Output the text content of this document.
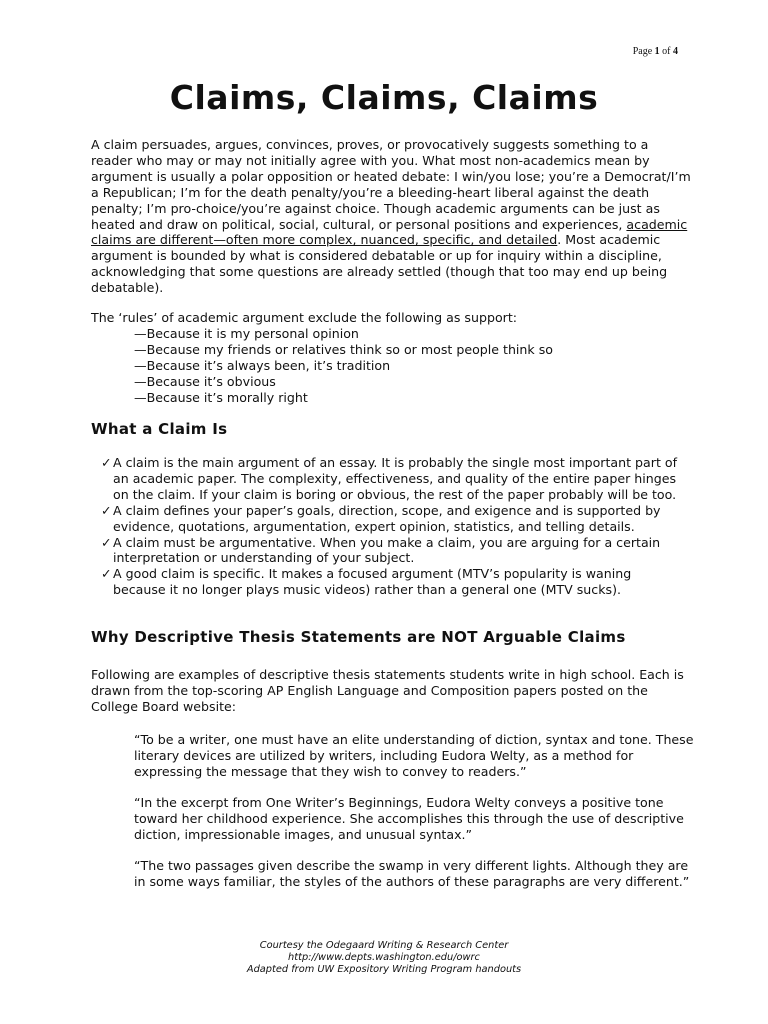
Page 1 of 4
Claims, Claims, Claims
A claim persuades, argues, convinces, proves, or provocatively suggests something to a reader who may or may not initially agree with you. What most non-academics mean by argument is usually a polar opposition or heated debate: I win/you lose; you’re a Democrat/I’m a Republican; I’m for the death penalty/you’re a bleeding-heart liberal against the death penalty; I’m pro-choice/you’re against choice. Though academic arguments can be just as heated and draw on political, social, cultural, or personal positions and experiences, academic claims are different—often more complex, nuanced, specific, and detailed. Most academic argument is bounded by what is considered debatable or up for inquiry within a discipline, acknowledging that some questions are already settled (though that too may end up being debatable).
The ‘rules’ of academic argument exclude the following as support:
—Because it is my personal opinion
—Because my friends or relatives think so or most people think so
—Because it’s always been, it’s tradition
—Because it’s obvious
—Because it’s morally right
What a Claim Is
✓ A claim is the main argument of an essay. It is probably the single most important part of an academic paper. The complexity, effectiveness, and quality of the entire paper hinges on the claim. If your claim is boring or obvious, the rest of the paper probably will be too.
✓ A claim defines your paper’s goals, direction, scope, and exigence and is supported by evidence, quotations, argumentation, expert opinion, statistics, and telling details.
✓ A claim must be argumentative. When you make a claim, you are arguing for a certain interpretation or understanding of your subject.
✓ A good claim is specific. It makes a focused argument (MTV’s popularity is waning because it no longer plays music videos) rather than a general one (MTV sucks).
Why Descriptive Thesis Statements are NOT Arguable Claims
Following are examples of descriptive thesis statements students write in high school. Each is drawn from the top-scoring AP English Language and Composition papers posted on the College Board website:
“To be a writer, one must have an elite understanding of diction, syntax and tone. These literary devices are utilized by writers, including Eudora Welty, as a method for expressing the message that they wish to convey to readers.”
“In the excerpt from One Writer’s Beginnings, Eudora Welty conveys a positive tone toward her childhood experience. She accomplishes this through the use of descriptive diction, impressionable images, and unusual syntax.”
“The two passages given describe the swamp in very different lights. Although they are in some ways familiar, the styles of the authors of these paragraphs are very different.”
Courtesy the Odegaard Writing & Research Center
http://www.depts.washington.edu/owrc
Adapted from UW Expository Writing Program handouts
